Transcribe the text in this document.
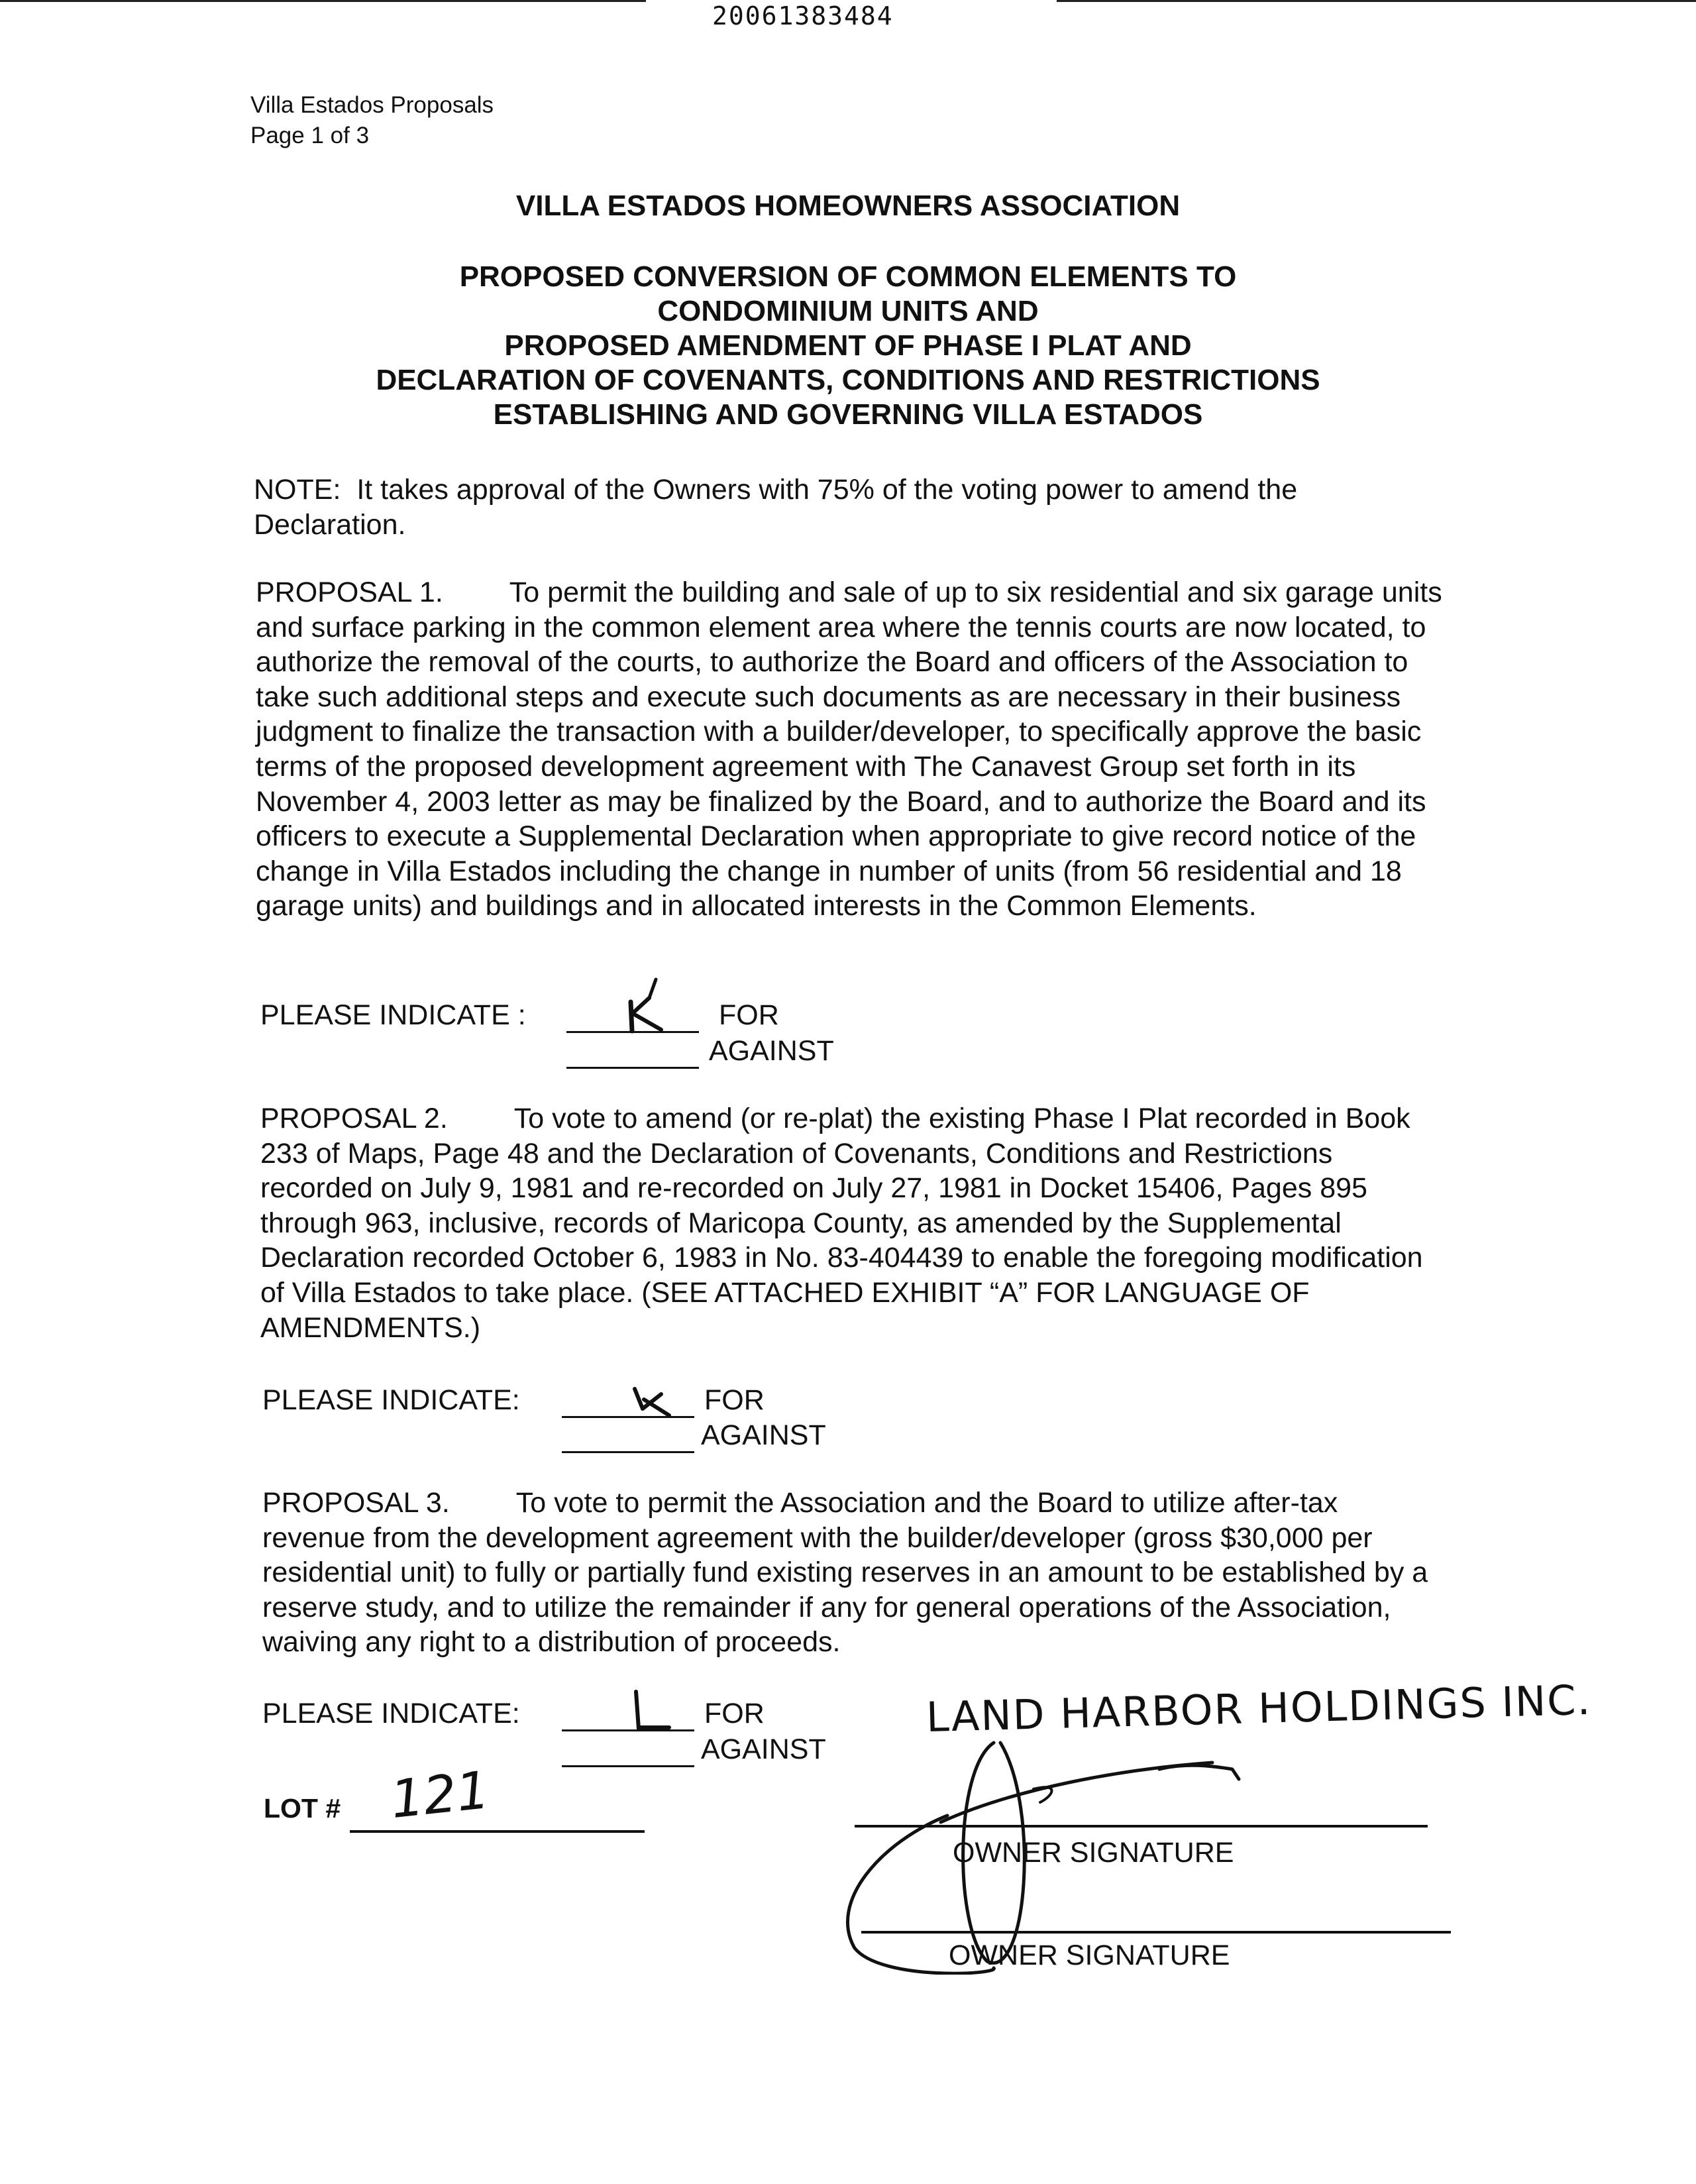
20061383484
Villa Estados Proposals
Page 1 of 3
VILLA ESTADOS HOMEOWNERS ASSOCIATION
PROPOSED CONVERSION OF COMMON ELEMENTS TO
CONDOMINIUM UNITS AND
PROPOSED AMENDMENT OF PHASE I PLAT AND
DECLARATION OF COVENANTS, CONDITIONS AND RESTRICTIONS
ESTABLISHING AND GOVERNING VILLA ESTADOS
NOTE: It takes approval of the Owners with 75% of the voting power to amend the Declaration.
PROPOSAL 1. To permit the building and sale of up to six residential and six garage units and surface parking in the common element area where the tennis courts are now located, to authorize the removal of the courts, to authorize the Board and officers of the Association to take such additional steps and execute such documents as are necessary in their business judgment to finalize the transaction with a builder/developer, to specifically approve the basic terms of the proposed development agreement with The Canavest Group set forth in its November 4, 2003 letter as may be finalized by the Board, and to authorize the Board and its officers to execute a Supplemental Declaration when appropriate to give record notice of the change in Villa Estados including the change in number of units (from 56 residential and 18 garage units) and buildings and in allocated interests in the Common Elements.
PLEASE INDICATE :	FOR
AGAINST
PROPOSAL 2. To vote to amend (or re-plat) the existing Phase I Plat recorded in Book 233 of Maps, Page 48 and the Declaration of Covenants, Conditions and Restrictions recorded on July 9, 1981 and re-recorded on July 27, 1981 in Docket 15406, Pages 895 through 963, inclusive, records of Maricopa County, as amended by the Supplemental Declaration recorded October 6, 1983 in No. 83-404439 to enable the foregoing modification of Villa Estados to take place. (SEE ATTACHED EXHIBIT “A” FOR LANGUAGE OF AMENDMENTS.)
PLEASE INDICATE:	FOR
AGAINST
PROPOSAL 3. To vote to permit the Association and the Board to utilize after-tax revenue from the development agreement with the builder/developer (gross $30,000 per residential unit) to fully or partially fund existing reserves in an amount to be established by a reserve study, and to utilize the remainder if any for general operations of the Association, waiving any right to a distribution of proceeds.
PLEASE INDICATE:	FOR
AGAINST
LOT # 121
LAND HARBOR HOLDINGS INC.
OWNER SIGNATURE
OWNER SIGNATURE
